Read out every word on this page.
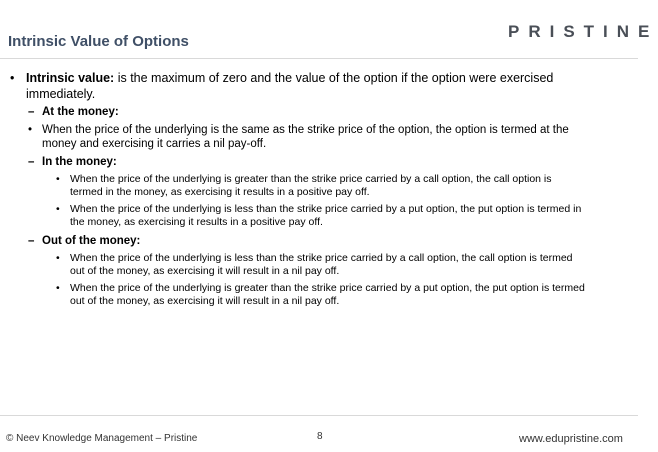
Intrinsic Value of Options
PRISTINE
• Intrinsic value: is the maximum of zero and the value of the option if the option were exercised
immediately.
– At the money:
• When the price of the underlying is the same as the strike price of the option, the option is termed at the
money and exercising it carries a nil pay-off.
– In the money:
• When the price of the underlying is greater than the strike price carried by a call option, the call option is
termed in the money, as exercising it results in a positive pay off.
• When the price of the underlying is less than the strike price carried by a put option, the put option is termed in
the money, as exercising it results in a positive pay off.
– Out of the money:
• When the price of the underlying is less than the strike price carried by a call option, the call option is termed
out of the money, as exercising it will result in a nil pay off.
• When the price of the underlying is greater than the strike price carried by a put option, the put option is termed
out of the money, as exercising it will result in a nil pay off.
© Neev Knowledge Management – Pristine	8	www.edupristine.com
